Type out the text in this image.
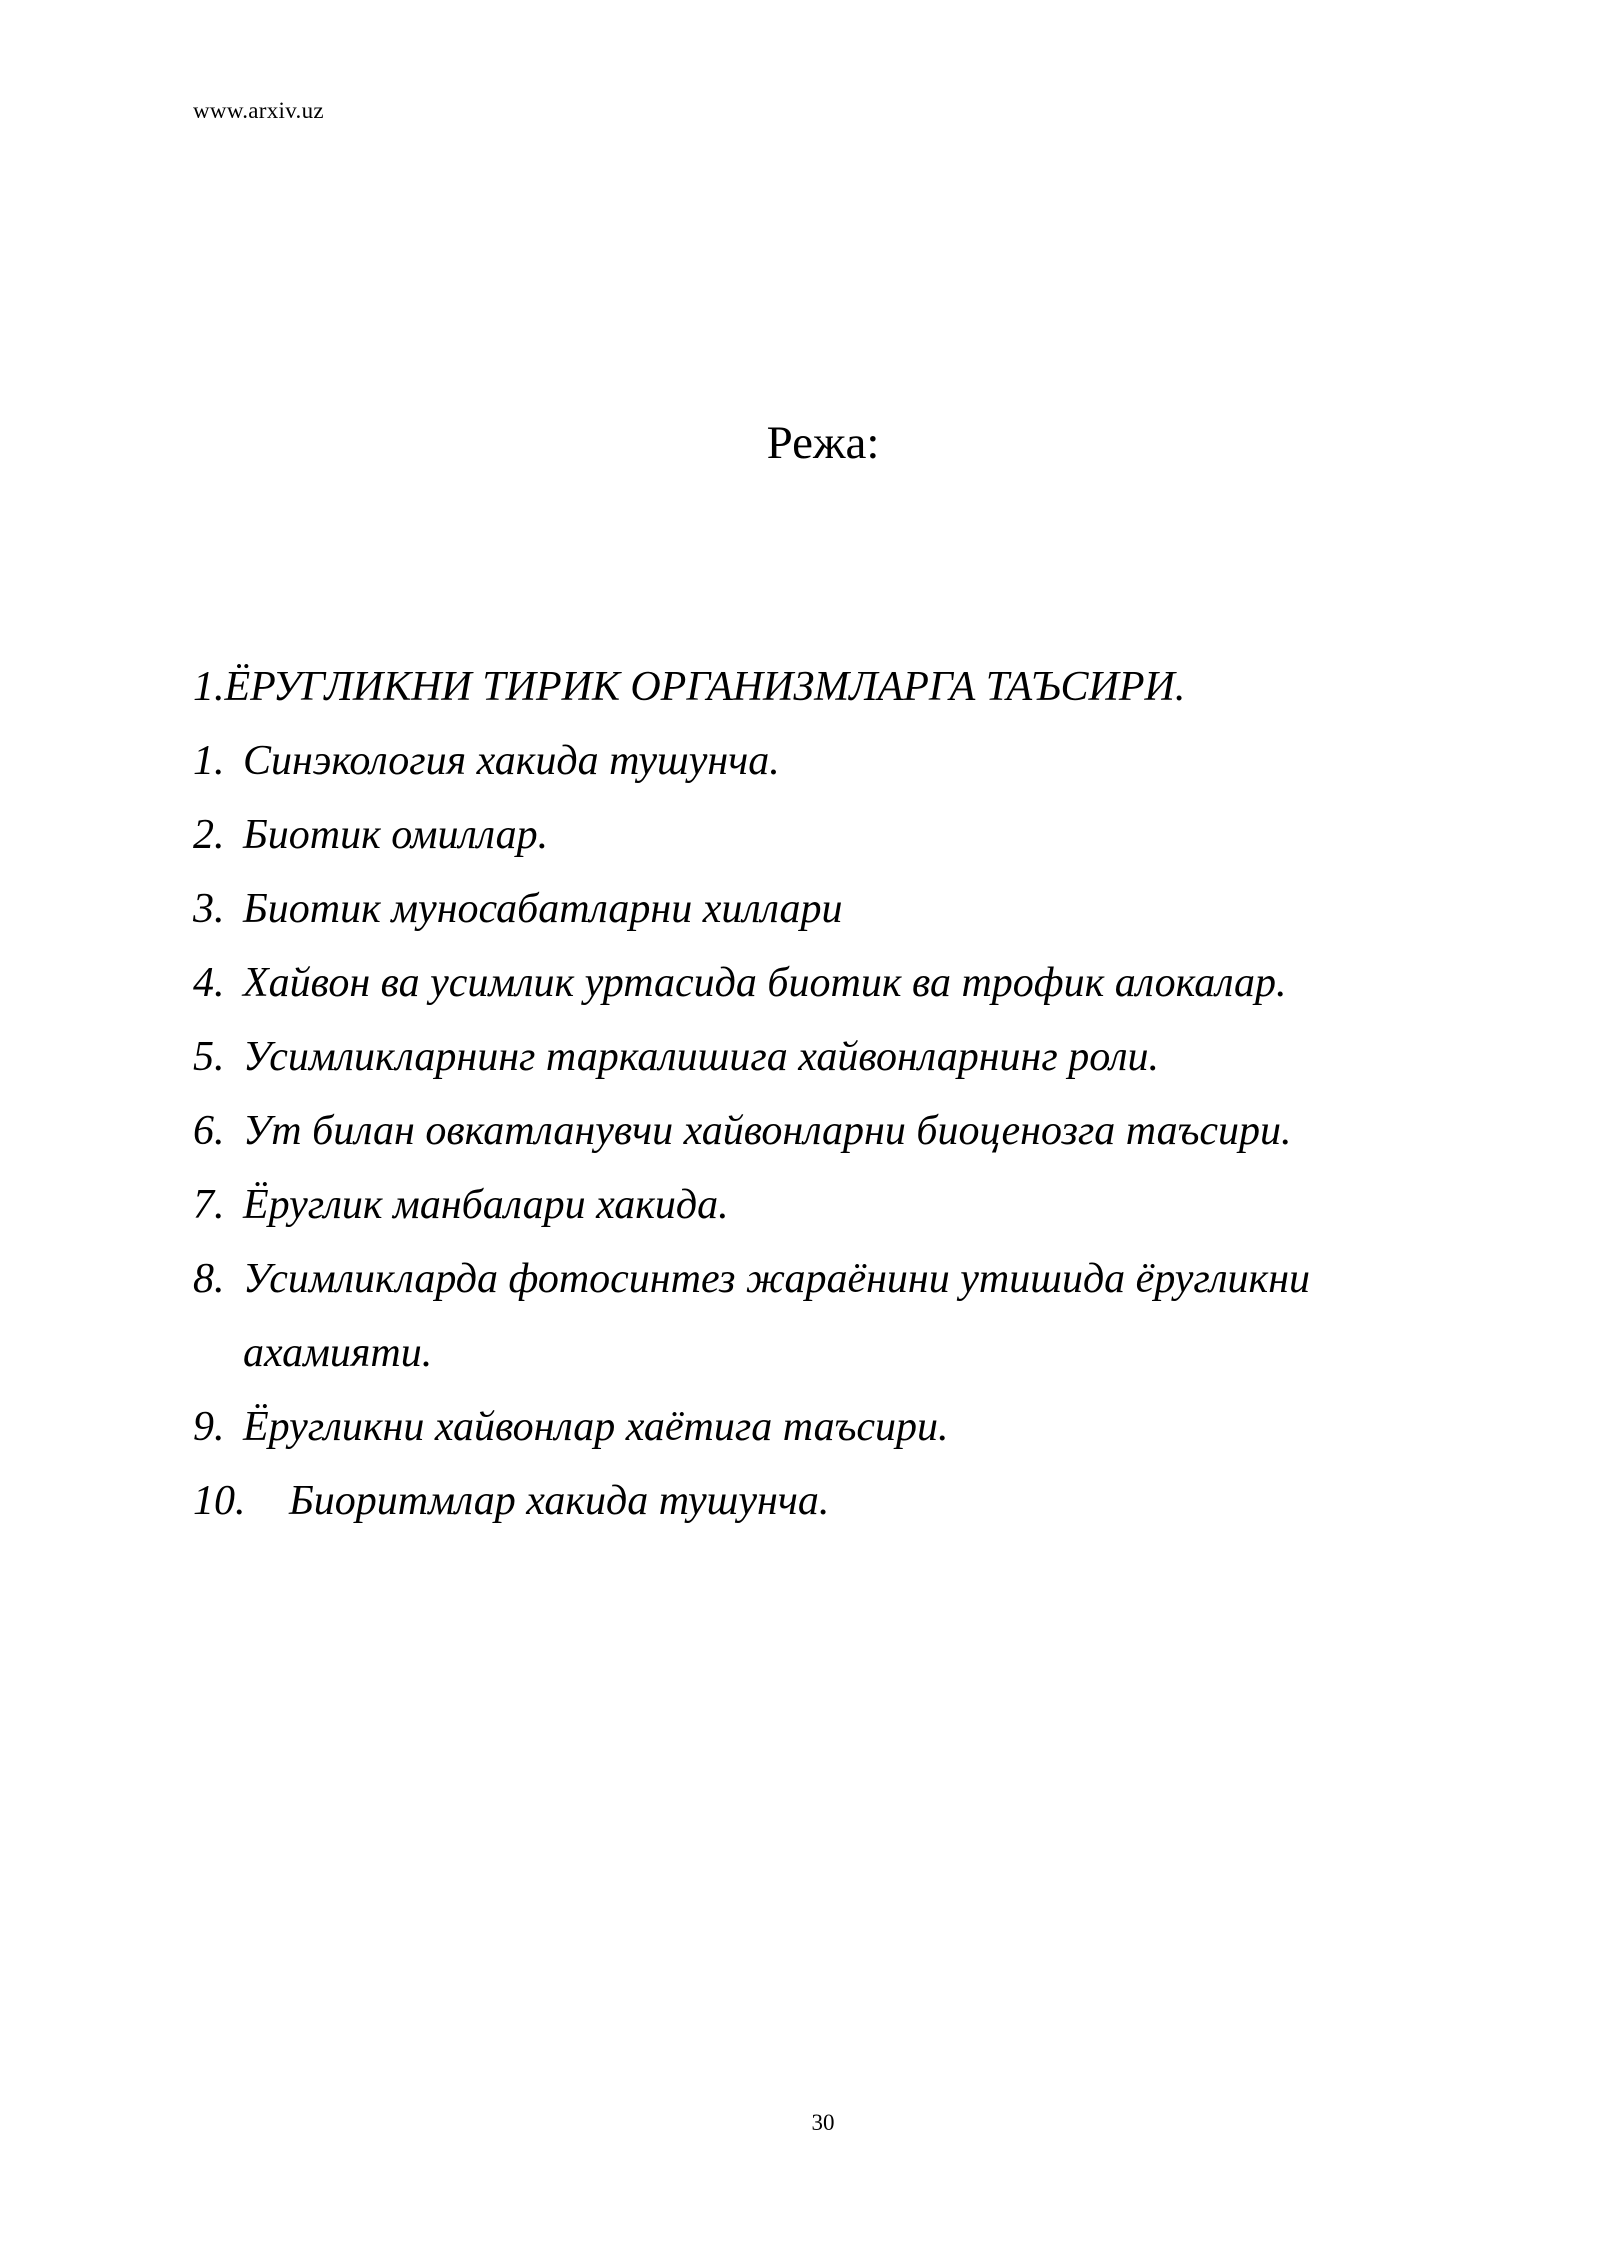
www.arxiv.uz
Режа:
1.ЁРУГЛИКНИ ТИРИК ОРГАНИЗМЛАРГА ТАЪСИРИ.
1. Синэкология хакида тушунча.
2. Биотик омиллар.
3. Биотик муносабатларни хиллари
4. Хайвон ва усимлик уртасида биотик ва трофик алокалар.
5. Усимликларнинг таркалишига хайвонларнинг роли.
6. Ут билан овкатланувчи хайвонларни биоценозга таъсири.
7. Ёруглик манбалари хакида.
8. Усимликларда фотосинтез жараёнини утишида ёругликни ахамияти.
9. Ёругликни хайвонлар хаётига таъсири.
10.	Биоритмлар хакида тушунча.
30
